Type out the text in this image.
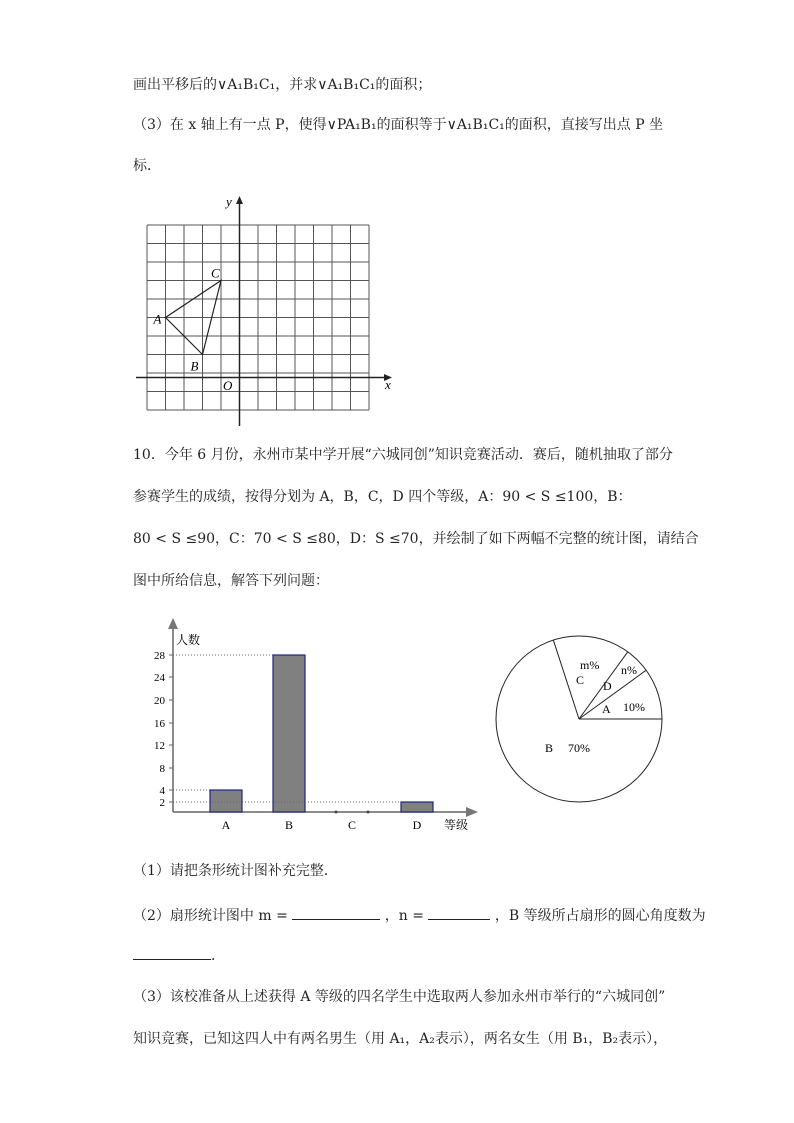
画出平移后的∨A₁B₁C₁，并求∨A₁B₁C₁的面积；
（3）在 x 轴上有一点 P，使得∨PA₁B₁的面积等于∨A₁B₁C₁的面积，直接写出点 P 坐
标．
x
y
O
A
B
C
10．今年 6 月份，永州市某中学开展“六城同创”知识竞赛活动．赛后，随机抽取了部分
参赛学生的成绩，按得分划为 A，B，C，D 四个等级，A：90 < S ≤100，B：
80 < S ≤90，C：70 < S ≤80，D：S ≤70，并绘制了如下两幅不完整的统计图，请结合
图中所给信息，解答下列问题：
人数
等级
2
4
8
12
16
20
24
28
A	B	C	D
A 10%
D
n%
C
m%
B 70%
（1）请把条形统计图补充完整．
（2）扇形统计图中 m =	，n =	，B 等级所占扇形的圆心角度数为
．
（3）该校准备从上述获得 A 等级的四名学生中选取两人参加永州市举行的“六城同创”
知识竞赛，已知这四人中有两名男生（用 A₁，A₂表示），两名女生（用 B₁，B₂表示），
